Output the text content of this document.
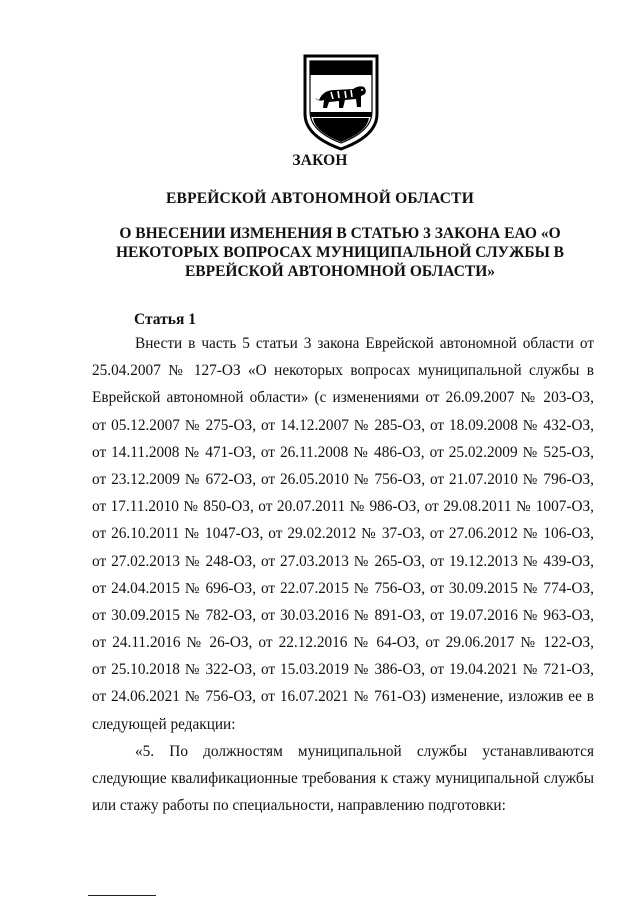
ЗАКОН
ЕВРЕЙСКОЙ АВТОНОМНОЙ ОБЛАСТИ
О ВНЕСЕНИИ ИЗМЕНЕНИЯ В СТАТЬЮ 3 ЗАКОНА ЕАО «О
НЕКОТОРЫХ ВОПРОСАХ МУНИЦИПАЛЬНОЙ СЛУЖБЫ В
ЕВРЕЙСКОЙ АВТОНОМНОЙ ОБЛАСТИ»
Статья 1
Внести в часть 5 статьи 3 закона Еврейской автономной области от
25.04.2007 № 127-ОЗ «О некоторых вопросах муниципальной службы в
Еврейской автономной области» (с изменениями от 26.09.2007 № 203-ОЗ,
от 05.12.2007 № 275-ОЗ, от 14.12.2007 № 285-ОЗ, от 18.09.2008 № 432-ОЗ,
от 14.11.2008 № 471-ОЗ, от 26.11.2008 № 486-ОЗ, от 25.02.2009 № 525-ОЗ,
от 23.12.2009 № 672-ОЗ, от 26.05.2010 № 756-ОЗ, от 21.07.2010 № 796-ОЗ,
от 17.11.2010 № 850-ОЗ, от 20.07.2011 № 986-ОЗ, от 29.08.2011 № 1007-ОЗ,
от 26.10.2011 № 1047-ОЗ, от 29.02.2012 № 37-ОЗ, от 27.06.2012 № 106-ОЗ,
от 27.02.2013 № 248-ОЗ, от 27.03.2013 № 265-ОЗ, от 19.12.2013 № 439-ОЗ,
от 24.04.2015 № 696-ОЗ, от 22.07.2015 № 756-ОЗ, от 30.09.2015 № 774-ОЗ,
от 30.09.2015 № 782-ОЗ, от 30.03.2016 № 891-ОЗ, от 19.07.2016 № 963-ОЗ,
от 24.11.2016 № 26-ОЗ, от 22.12.2016 № 64-ОЗ, от 29.06.2017 № 122-ОЗ,
от 25.10.2018 № 322-ОЗ, от 15.03.2019 № 386-ОЗ, от 19.04.2021 № 721-ОЗ,
от 24.06.2021 № 756-ОЗ, от 16.07.2021 № 761-ОЗ) изменение, изложив ее в
следующей редакции:
«5. По должностям муниципальной службы устанавливаются
следующие квалификационные требования к стажу муниципальной службы
или стажу работы по специальности, направлению подготовки:
